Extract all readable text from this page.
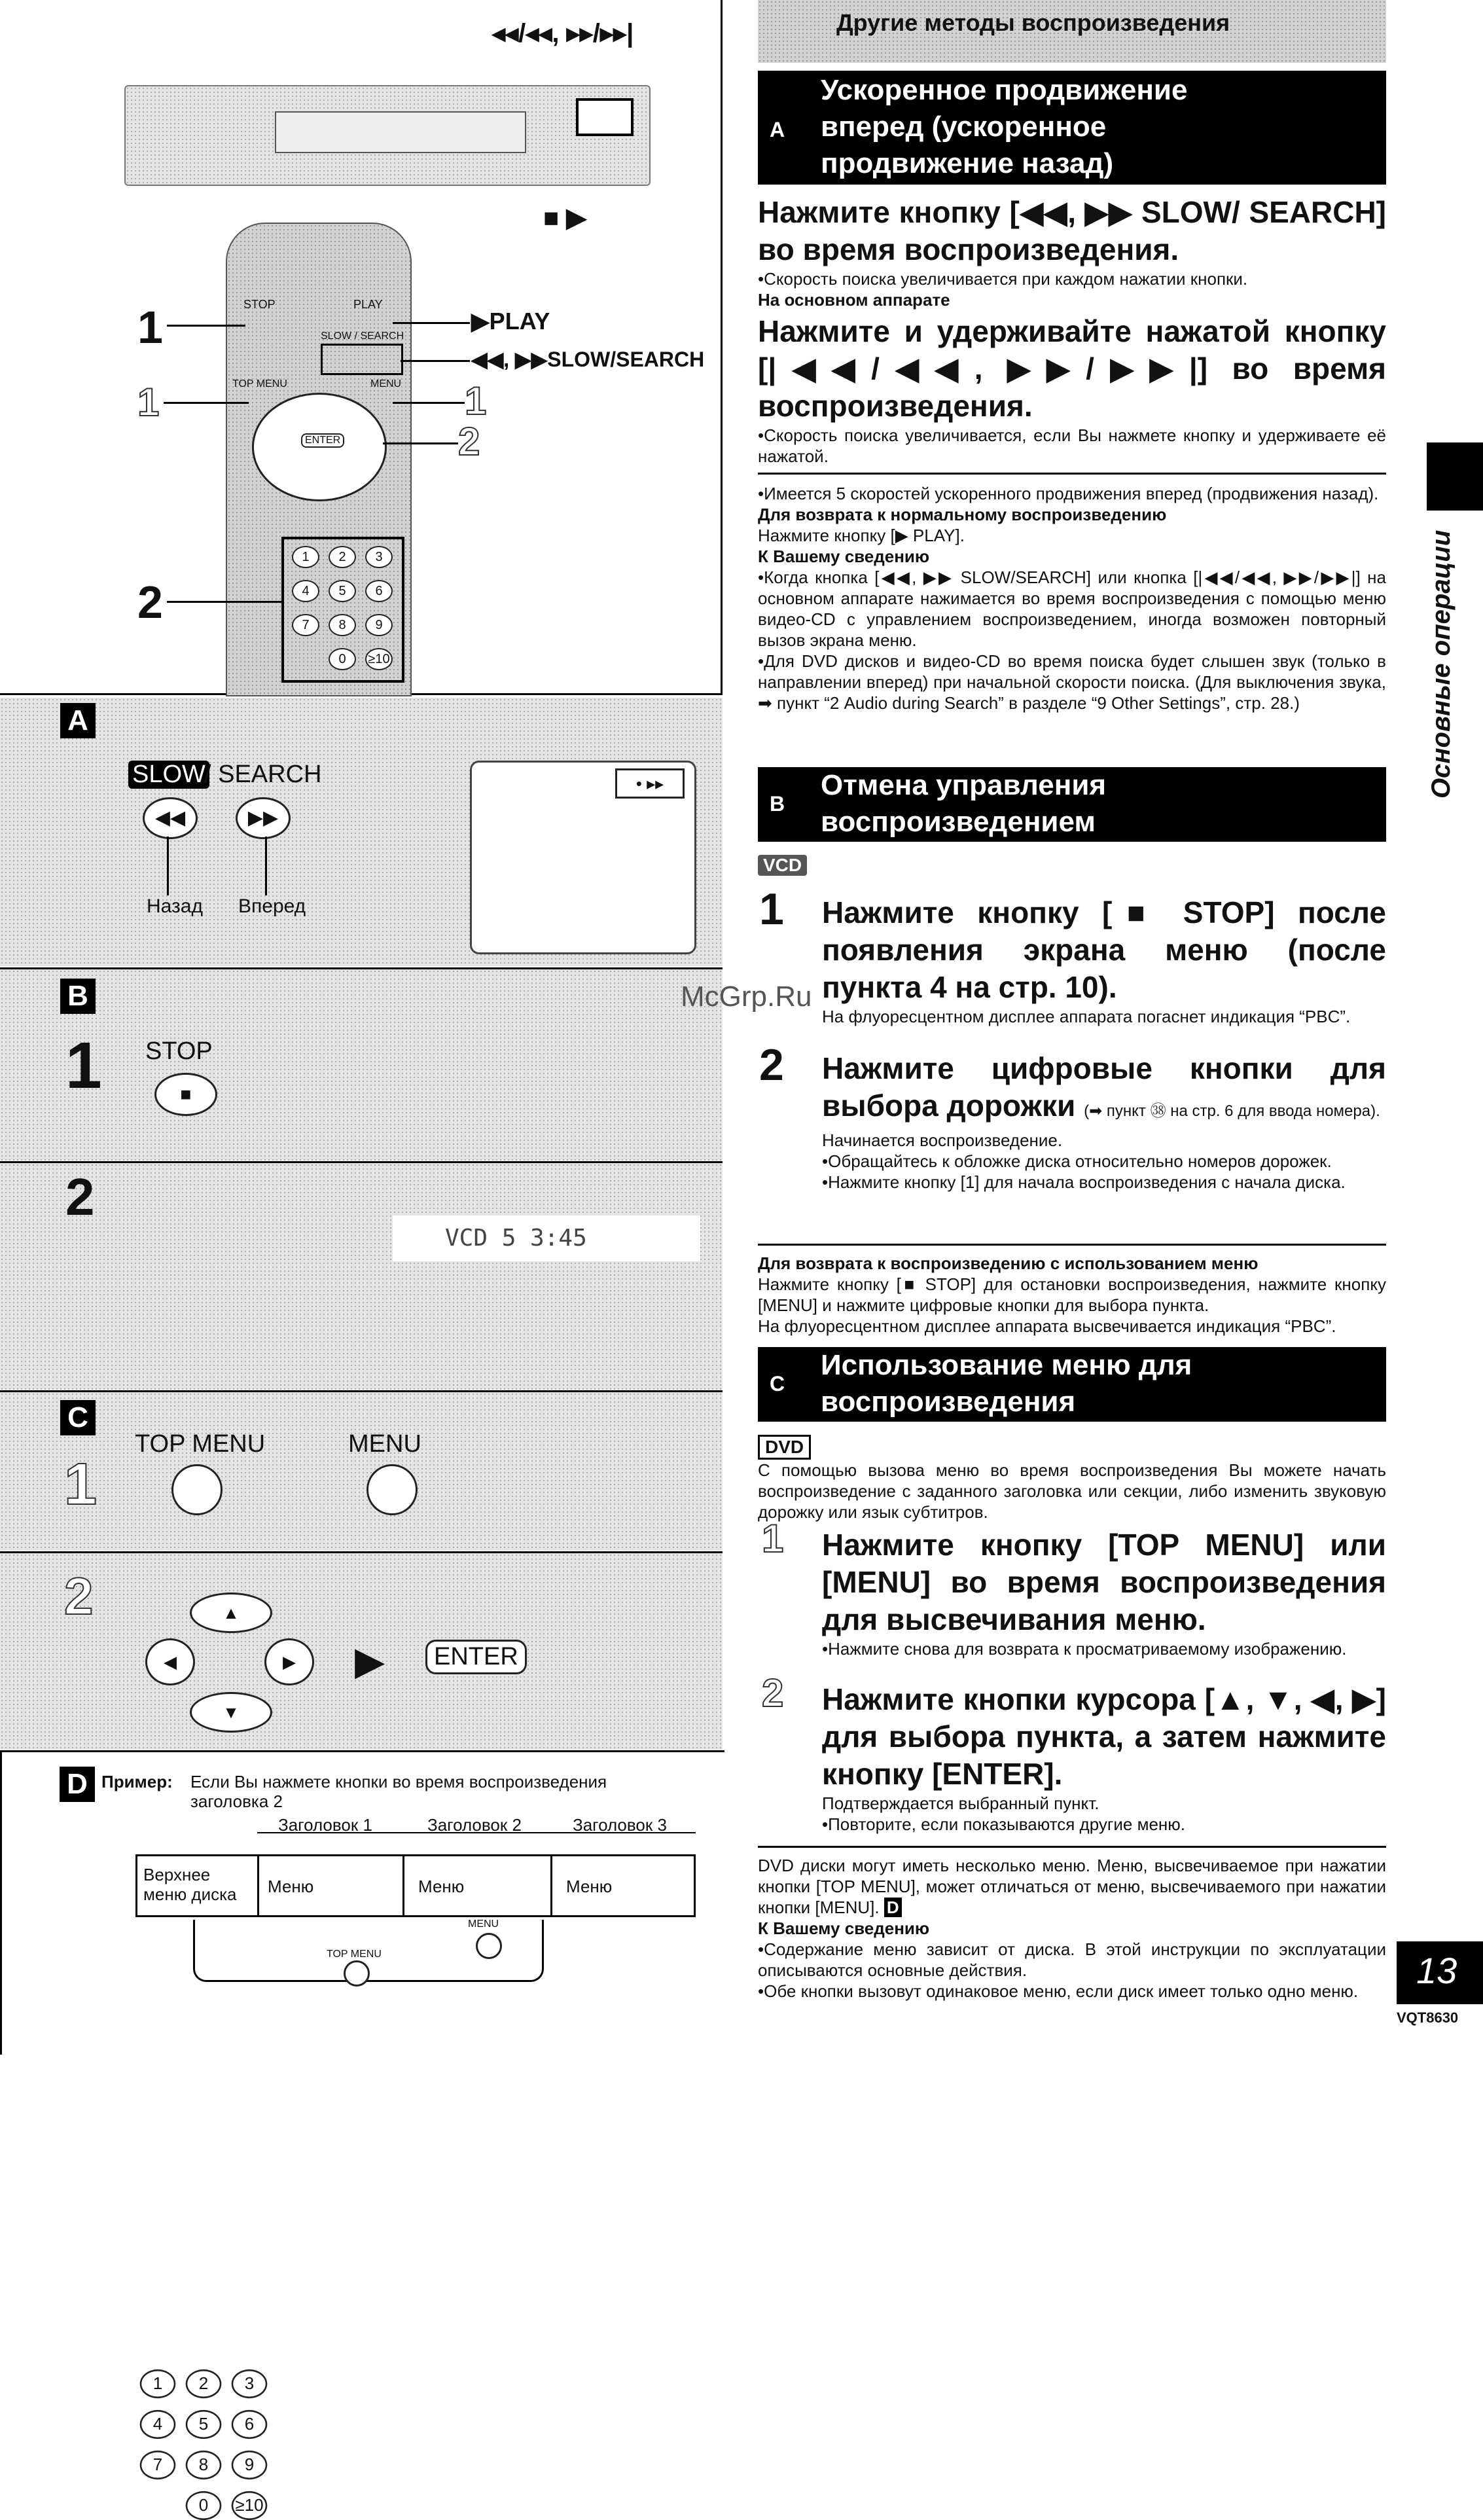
◂◂/◂◂, ▸▸/▸▸|
■ ▶
STOP	PLAY
SLOW / SEARCH
TOP MENU	MENU
ENTER
1	2	3
4	5	6
7	8	9
0	≥10
1	▶PLAY
◀◀, ▶▶SLOW/SEARCH
1	1
2
2
A
SLOW
/ SEARCH
◀◀	▶▶
Назад Вперед
• ▸▸
B
1 STOP
■
2
1	2	3
4	5	6
7	8	9
0	≥10
VCD 5 3:45
C
1
TOP MENU	MENU
2	▲
◀	▶
▼
▶	ENTER
D Пример: Если Вы нажмете кнопки во время воспроизведения заголовка 2
Заголовок 1	Заголовок 2	Заголовок 3
Верхнее меню диска	Меню	Меню	Меню
TOP MENU
MENU
Другие методы воспроизведения
A
Ускоренное продвижение
вперед (ускоренное
продвижение назад)
Нажмите кнопку [◀◀, ▶▶ SLOW/ SEARCH] во время воспроизведения.
•Скорость поиска увеличивается при каждом нажатии кнопки.
На основном аппарате
Нажмите и удерживайте нажатой кнопку [|◀◀/◀◀, ▶▶/▶▶|] во время воспроизведения.
•Скорость поиска увеличивается, если Вы нажмете кнопку и удерживаете её нажатой.
•Имеется 5 скоростей ускоренного продвижения вперед (продвижения назад).
Для возврата к нормальному воспроизведению
Нажмите кнопку [▶ PLAY].
К Вашему сведению
•Когда кнопка [◀◀, ▶▶ SLOW/SEARCH] или кнопка [|◀◀/◀◀, ▶▶/▶▶|] на основном аппарате нажимается во время воспроизведения с помощью меню видео-CD с управлением воспроизведением, иногда возможен повторный вызов экрана меню.
•Для DVD дисков и видео-CD во время поиска будет слышен звук (только в направлении вперед) при начальной скорости поиска. (Для выключения звука, ➡ пункт “2 Audio during Search” в разделе “9 Other Settings”, стр. 28.)
B
Отмена управления
воспроизведением
VCD
1 Нажмите кнопку [■ STOP] после появления экрана меню (после пункта 4 на стр. 10).
На флуоресцентном дисплее аппарата погаснет индикация “PBC”.
2 Нажмите цифровые кнопки для выбора дорожки (➡ пункт ㊳ на стр. 6 для ввода номера).
Начинается воспроизведение.
•Обращайтесь к обложке диска относительно номеров дорожек.
•Нажмите кнопку [1] для начала воспроизведения с начала диска.
Для возврата к воспроизведению с использованием меню
Нажмите кнопку [■ STOP] для остановки воспроизведения, нажмите кнопку [MENU] и нажмите цифровые кнопки для выбора пункта.
На флуоресцентном дисплее аппарата высвечивается индикация “PBC”.
C
Использование меню для
воспроизведения
DVD
С помощью вызова меню во время воспроизведения Вы можете начать воспроизведение с заданного заголовка или секции, либо изменить звуковую дорожку или язык субтитров.
1 Нажмите кнопку [TOP MENU] или [MENU] во время воспроизведения для высвечивания меню.
•Нажмите снова для возврата к просматриваемому изображению.
2 Нажмите кнопки курсора [▲, ▼, ◀, ▶] для выбора пункта, а затем нажмите кнопку [ENTER].
Подтверждается выбранный пункт.
•Повторите, если показываются другие меню.
DVD диски могут иметь несколько меню. Меню, высвечиваемое при нажатии кнопки [TOP MENU], может отличаться от меню, высвечиваемого при нажатии кнопки [MENU]. D
К Вашему сведению
•Содержание меню зависит от диска. В этой инструкции по эксплуатации описываются основные действия.
•Обе кнопки вызовут одинаковое меню, если диск имеет только одно меню.
Основные операции
McGrp.Ru
13
VQT8630
